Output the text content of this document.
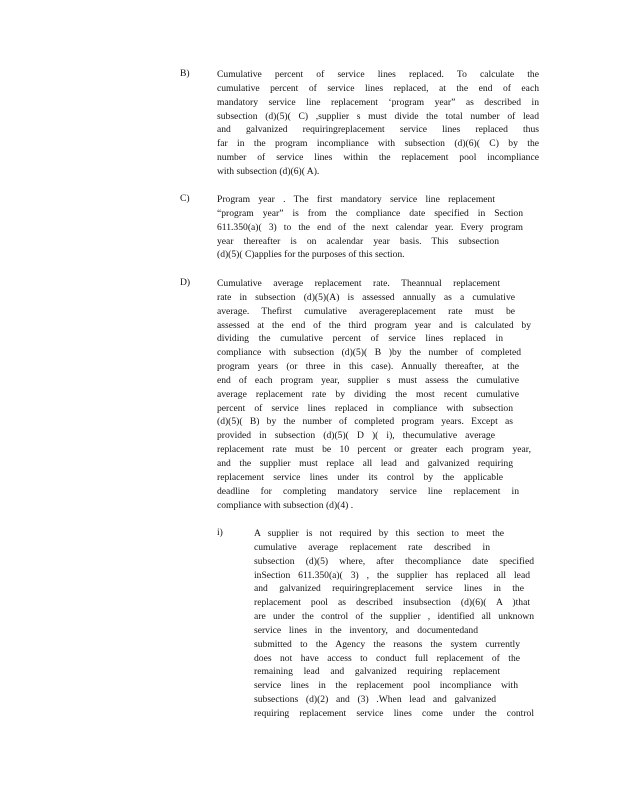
B)	Cumulative percent of service lines replaced. To calculate the
cumulative percent of service lines replaced, at the end of each
mandatory service line replacement ‘program year” as described in
subsection (d)(5)( C) ,supplier s must divide the total number of lead
and galvanized requiringreplacement service lines replaced thus
far in the program incompliance with subsection (d)(6)( C) by the
number of service lines within the replacement pool incompliance
with subsection (d)(6)( A).
C)	Program year . The first mandatory service line replacement
“program year” is from the compliance date specified in Section
611.350(a)( 3) to the end of the next calendar year. Every program
year thereafter is on acalendar year basis. This subsection
(d)(5)( C)applies for the purposes of this section.
D)	Cumulative average replacement rate. Theannual replacement
rate in subsection (d)(5)(A) is assessed annually as a cumulative
average. Thefirst cumulative averagereplacement rate must be
assessed at the end of the third program year and is calculated by
dividing the cumulative percent of service lines replaced in
compliance with subsection (d)(5)( B )by the number of completed
program years (or three in this case). Annually thereafter, at the
end of each program year, supplier s must assess the cumulative
average replacement rate by dividing the most recent cumulative
percent of service lines replaced in compliance with subsection
(d)(5)( B) by the number of completed program years. Except as
provided in subsection (d)(5)( D )( i), thecumulative average
replacement rate must be 10 percent or greater each program year,
and the supplier must replace all lead and galvanized requiring
replacement service lines under its control by the applicable
deadline for completing mandatory service line replacement in
compliance with subsection (d)(4) .
i)	A supplier is not required by this section to meet the
cumulative average replacement rate described in
subsection (d)(5) where, after thecompliance date specified
inSection 611.350(a)( 3) , the supplier has replaced all lead
and galvanized requiringreplacement service lines in the
replacement pool as described insubsection (d)(6)( A )that
are under the control of the supplier , identified all unknown
service lines in the inventory, and documentedand
submitted to the Agency the reasons the system currently
does not have access to conduct full replacement of the
remaining lead and galvanized requiring replacement
service lines in the replacement pool incompliance with
subsections (d)(2) and (3) .When lead and galvanized
requiring replacement service lines come under the control
